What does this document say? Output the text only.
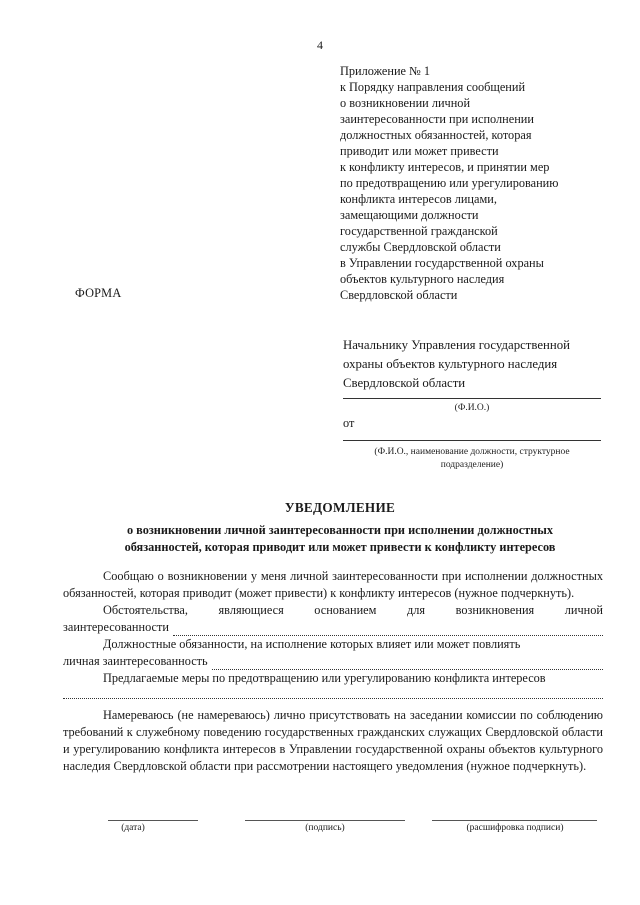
4
Приложение № 1
к Порядку направления сообщений
о возникновении личной
заинтересованности при исполнении
должностных обязанностей, которая
приводит или может привести
к конфликту интересов, и принятии мер
по предотвращению или урегулированию
конфликта интересов лицами,
замещающими должности
государственной гражданской
службы Свердловской области
в Управлении государственной охраны
объектов культурного наследия
Свердловской области
ФОРМА
Начальнику Управления государственной
охраны объектов культурного наследия
Свердловской области
(Ф.И.О.)
от
(Ф.И.О., наименование должности, структурное
подразделение)
УВЕДОМЛЕНИЕ
о возникновении личной заинтересованности при исполнении должностных
обязанностей, которая приводит или может привести к конфликту интересов

Сообщаю о возникновении у меня личной заинтересованности при исполнении должностных обязанностей, которая приводит (может привести) к конфликту интересов (нужное подчеркнуть).

Обстоятельства, являющиеся основанием для возникновения личной
заинтересованности

Должностные обязанности, на исполнение которых влияет или может повлиять

личная заинтересованность

Предлагаемые меры по предотвращению или урегулированию конфликта интересов

Намереваюсь (не намереваюсь) лично присутствовать на заседании комиссии по соблюдению требований к служебному поведению государственных гражданских служащих Свердловской области и урегулированию конфликта интересов в Управлении государственной охраны объектов культурного наследия Свердловской области при рассмотрении настоящего уведомления (нужное подчеркнуть).

(дата)	(подпись)	(расшифровка подписи)
